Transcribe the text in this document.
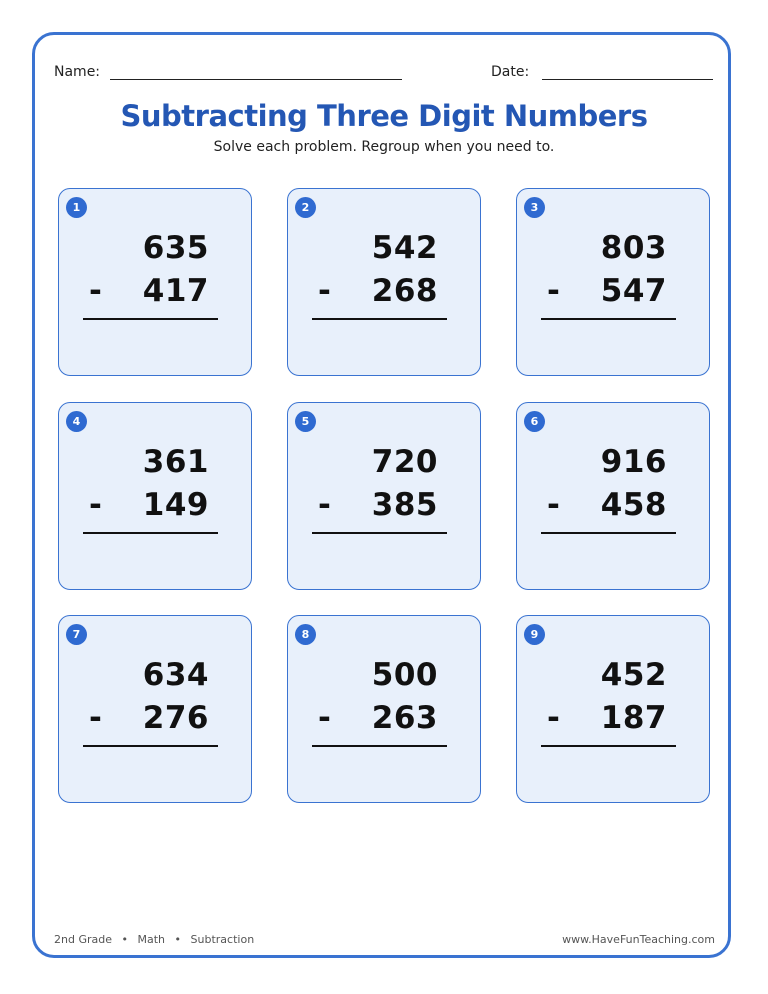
Name:	Date:
Subtracting Three Digit Numbers
Solve each problem. Regroup when you need to.
1
635
- 417
2
542
- 268
3
803
- 547
4
361
- 149
5
720
- 385
6
916
- 458
7
634
- 276
8
500
- 263
9
452
- 187
2nd Grade • Math • Subtraction	www.HaveFunTeaching.com
